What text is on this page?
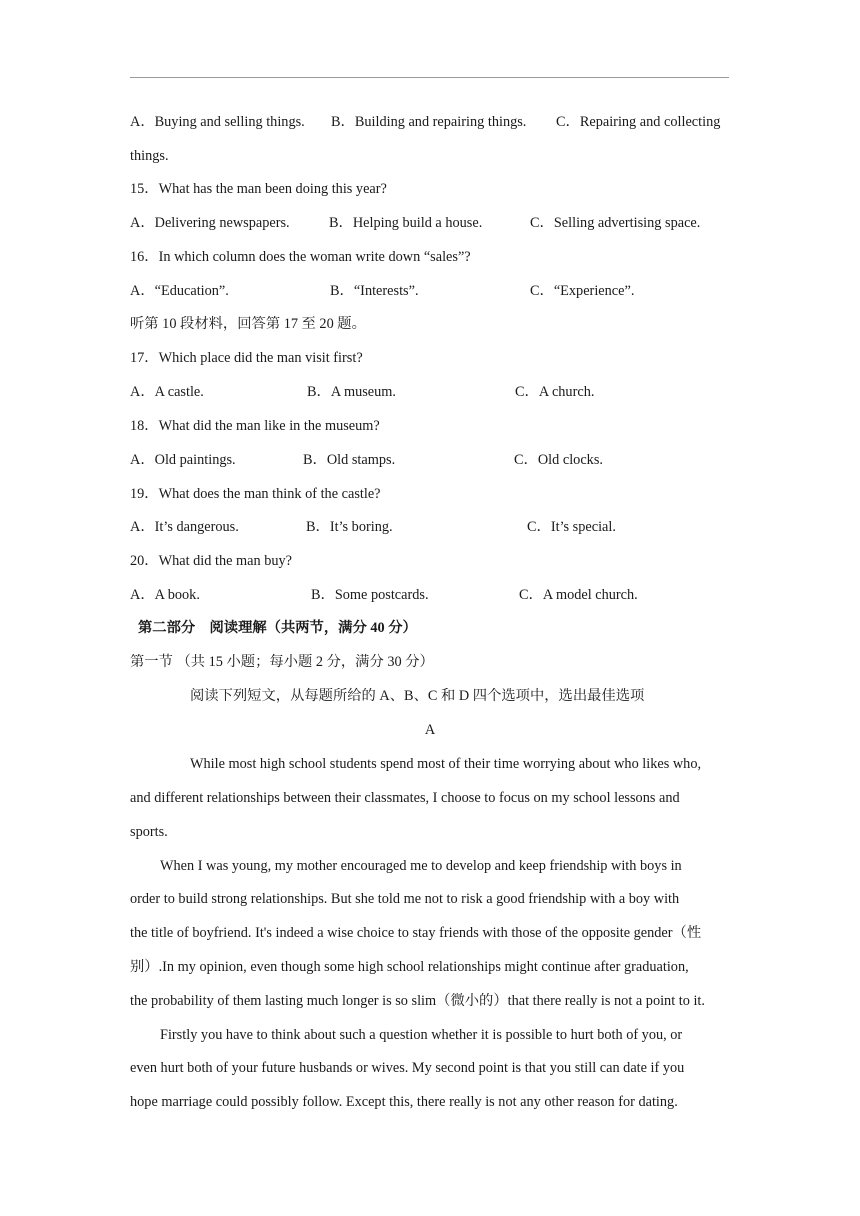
A．Buying and selling things. B．Building and repairing things. C．Repairing and collecting
things.
15．What has the man been doing this year?
A．Delivering newspapers.	B．Helping build a house.	C．Selling advertising space.
16．In which column does the woman write down “sales”?
A．“Education”.	B．“Interests”.	C．“Experience”.
听第 10 段材料，回答第 17 至 20 题。
17．Which place did the man visit first?
A．A castle.	B．A museum.	C．A church.
18．What did the man like in the museum?
A．Old paintings.	B．Old stamps.	C．Old clocks.
19．What does the man think of the castle?
A．It’s dangerous.	B．It’s boring.	C．It’s special.
20．What did the man buy?
A．A book.	B．Some postcards.	C．A model church.
第二部分　阅读理解（共两节，满分 40 分）
第一节 （共 15 小题；每小题 2 分，满分 30 分）
阅读下列短文，从每题所给的 A、B、C 和 D 四个选项中，选出最佳选项
A
While most high school students spend most of their time worrying about who likes who,
and different relationships between their classmates, I choose to focus on my school lessons and
sports.
When I was young, my mother encouraged me to develop and keep friendship with boys in
order to build strong relationships. But she told me not to risk a good friendship with a boy with
the title of boyfriend. It's indeed a wise choice to stay friends with those of the opposite gender（性
别）.In my opinion, even though some high school relationships might continue after graduation,
the probability of them lasting much longer is so slim（微小的）that there really is not a point to it.
Firstly you have to think about such a question whether it is possible to hurt both of you, or
even hurt both of your future husbands or wives. My second point is that you still can date if you
hope marriage could possibly follow. Except this, there really is not any other reason for dating.
